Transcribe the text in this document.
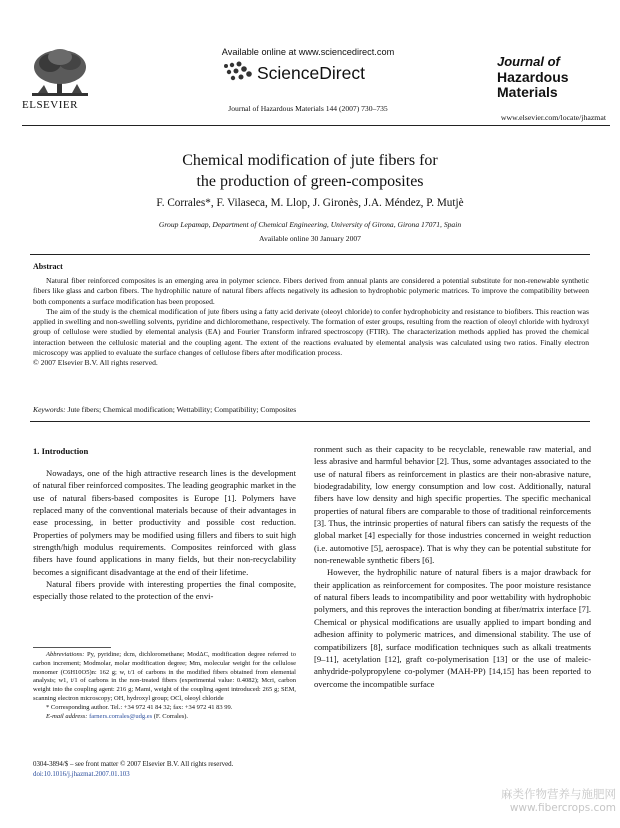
ELSEVIER
Available online at www.sciencedirect.com
ScienceDirect
Journal of Hazardous Materials 144 (2007) 730–735
Journal of
Hazardous
Materials
www.elsevier.com/locate/jhazmat
Chemical modification of jute fibers for
the production of green-composites
F. Corrales*, F. Vilaseca, M. Llop, J. Gironès, J.A. Méndez, P. Mutjè
Group Lepamap, Department of Chemical Engineering, University of Girona, Girona 17071, Spain
Available online 30 January 2007
Abstract

Natural fiber reinforced composites is an emerging area in polymer science. Fibers derived from annual plants are considered a potential substitute for non-renewable synthetic fibers like glass and carbon fibers. The hydrophilic nature of natural fibers affects negatively its adhesion to hydrophobic polymeric matrices. To improve the compatibility between both components a surface modification has been proposed.

The aim of the study is the chemical modification of jute fibers using a fatty acid derivate (oleoyl chloride) to confer hydrophobicity and resistance to biofibers. This reaction was applied in swelling and non-swelling solvents, pyridine and dichloromethane, respectively. The formation of ester groups, resulting from the reaction of oleoyl chloride with hydroxyl group of cellulose were studied by elemental analysis (EA) and Fourier Transform infrared spectroscopy (FTIR). The characterization methods applied has proved the chemical interaction between the cellulosic material and the coupling agent. The extent of the reactions evaluated by elemental analysis was calculated using two ratios. Finally electron microscopy was applied to evaluate the surface changes of cellulose fibers after modification process.

© 2007 Elsevier B.V. All rights reserved.

Keywords: Jute fibers; Chemical modification; Wettability; Compatibility; Composites
1. Introduction

Nowadays, one of the high attractive research lines is the development of natural fiber reinforced composites. The leading geographic market in the use of natural fibers-based composites is Europe [1]. Polymers have replaced many of the conventional materials because of their advantages in ease processing, in better productivity and possible cost reduction. Properties of polymers may be modified using fillers and fibers to suit high strength/high modulus requirements. Composites reinforced with glass fibers have found applications in many fields, but their non-recyclability becomes a significant disadvantage at the end of their lifetime.

Natural fibers provide with interesting properties the final composite, especially those related to the protection of the envi-

ronment such as their capacity to be recyclable, renewable raw material, and less abrasive and harmful behavior [2]. Thus, some advantages associated to the use of natural fibers as reinforcement in plastics are their non-abrasive nature, biodegradability, low energy consumption and low cost. Additionally, natural fibers have low density and high specific properties. The specific mechanical properties of natural fibers are comparable to those of traditional reinforcements [3]. Thus, the intrinsic properties of natural fibers can satisfy the requests of the global market [4] especially for those industries concerned in weight reduction (i.e. automotive [5], aerospace). That is why they can be potential substitute for non-renewable synthetic fibers [6].

However, the hydrophilic nature of natural fibers is a major drawback for their application as reinforcement for composites. The poor moisture resistance of natural fibers leads to incompatibility and poor wettability with hydrophobic polymers, and this reproves the interaction bonding at fiber/matrix interface [7]. Chemical or physical modifications are usually applied to impart bonding and adhesion affinity to polymeric matrices, and dimensional stability. The use of compatibilizers [8], surface modification techniques such as alkali treatments [9–11], acetylation [12], graft co-polymerisation [13] or the use of maleic-anhydride-polypropylene co-polymer (MAH-PP) [14,15] has been reported to overcome the incompatible surface

Abbreviations: Py, pyridine; dcm, dichloromethane; ModΔC, modification degree referred to carbon increment; Modmolar, molar modification degree; Mm, molecular weight for the cellulose monomer (C6H10O5)n: 162 g; w, t/1 of carbons in the modified fibers obtained from elemental analysis; w1, t/1 of carbons in the non-treated fibers (experimental value: 0.4082); Mcri, carbon weight into the coupling agent: 216 g; Mami, weight of the coupling agent introduced: 265 g; SEM, scanning electron microscopy; OH, hydroxyl group; OCl, oleoyl chloride

* Corresponding author. Tel.: +34 972 41 84 32; fax: +34 972 41 83 99.

E-mail address: farners.corrales@udg.es (F. Corrales).

0304-3894/$ – see front matter © 2007 Elsevier B.V. All rights reserved.
doi:10.1016/j.jhazmat.2007.01.103
麻类作物营养与施肥网
www.fibercrops.com
